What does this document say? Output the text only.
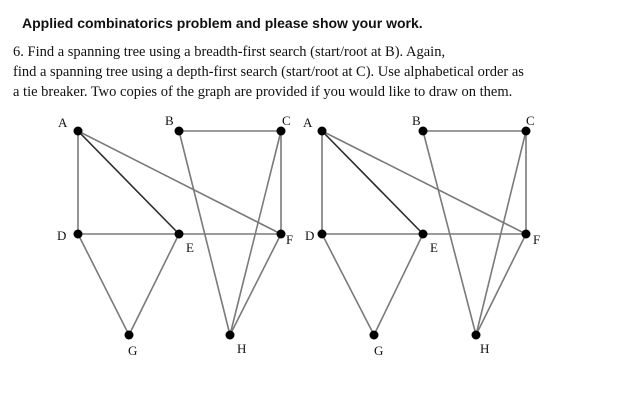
Applied combinatorics problem and please show your work.
6. Find a spanning tree using a breadth-first search (start/root at B). Again,
find a spanning tree using a depth-first search (start/root at C). Use alphabetical order as
a tie breaker. Two copies of the graph are provided if you would like to draw on them.
A	B	C
D
E
F
G	H
A	B	C
D
E
F
G	H
